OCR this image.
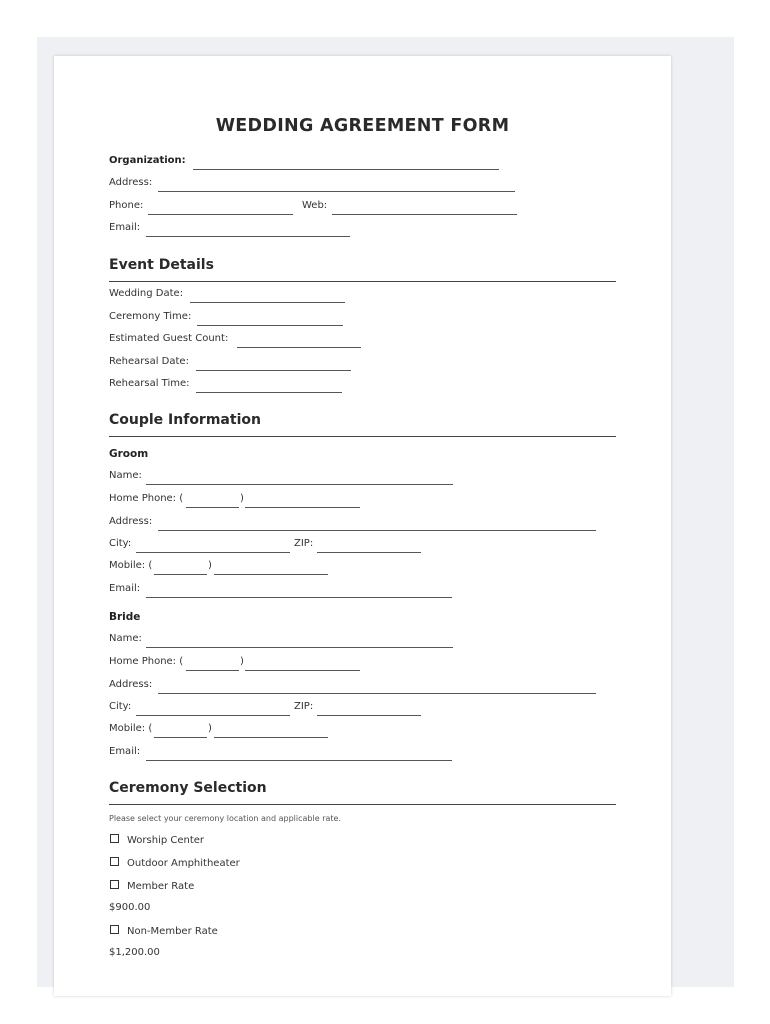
WEDDING AGREEMENT FORM
Organization:
Address:
Phone:	Web:
Email:
Event Details
Wedding Date:
Ceremony Time:
Estimated Guest Count:
Rehearsal Date:
Rehearsal Time:
Couple Information
Groom
Name:
Home Phone: (	)
Address:
City:	ZIP:
Mobile: (	)
Email:
Bride
Name:
Home Phone: (	)
Address:
City:	ZIP:
Mobile: (	)
Email:
Ceremony Selection
Please select your ceremony location and applicable rate.
Worship Center
Outdoor Amphitheater
Member Rate
$900.00
Non-Member Rate
$1,200.00
